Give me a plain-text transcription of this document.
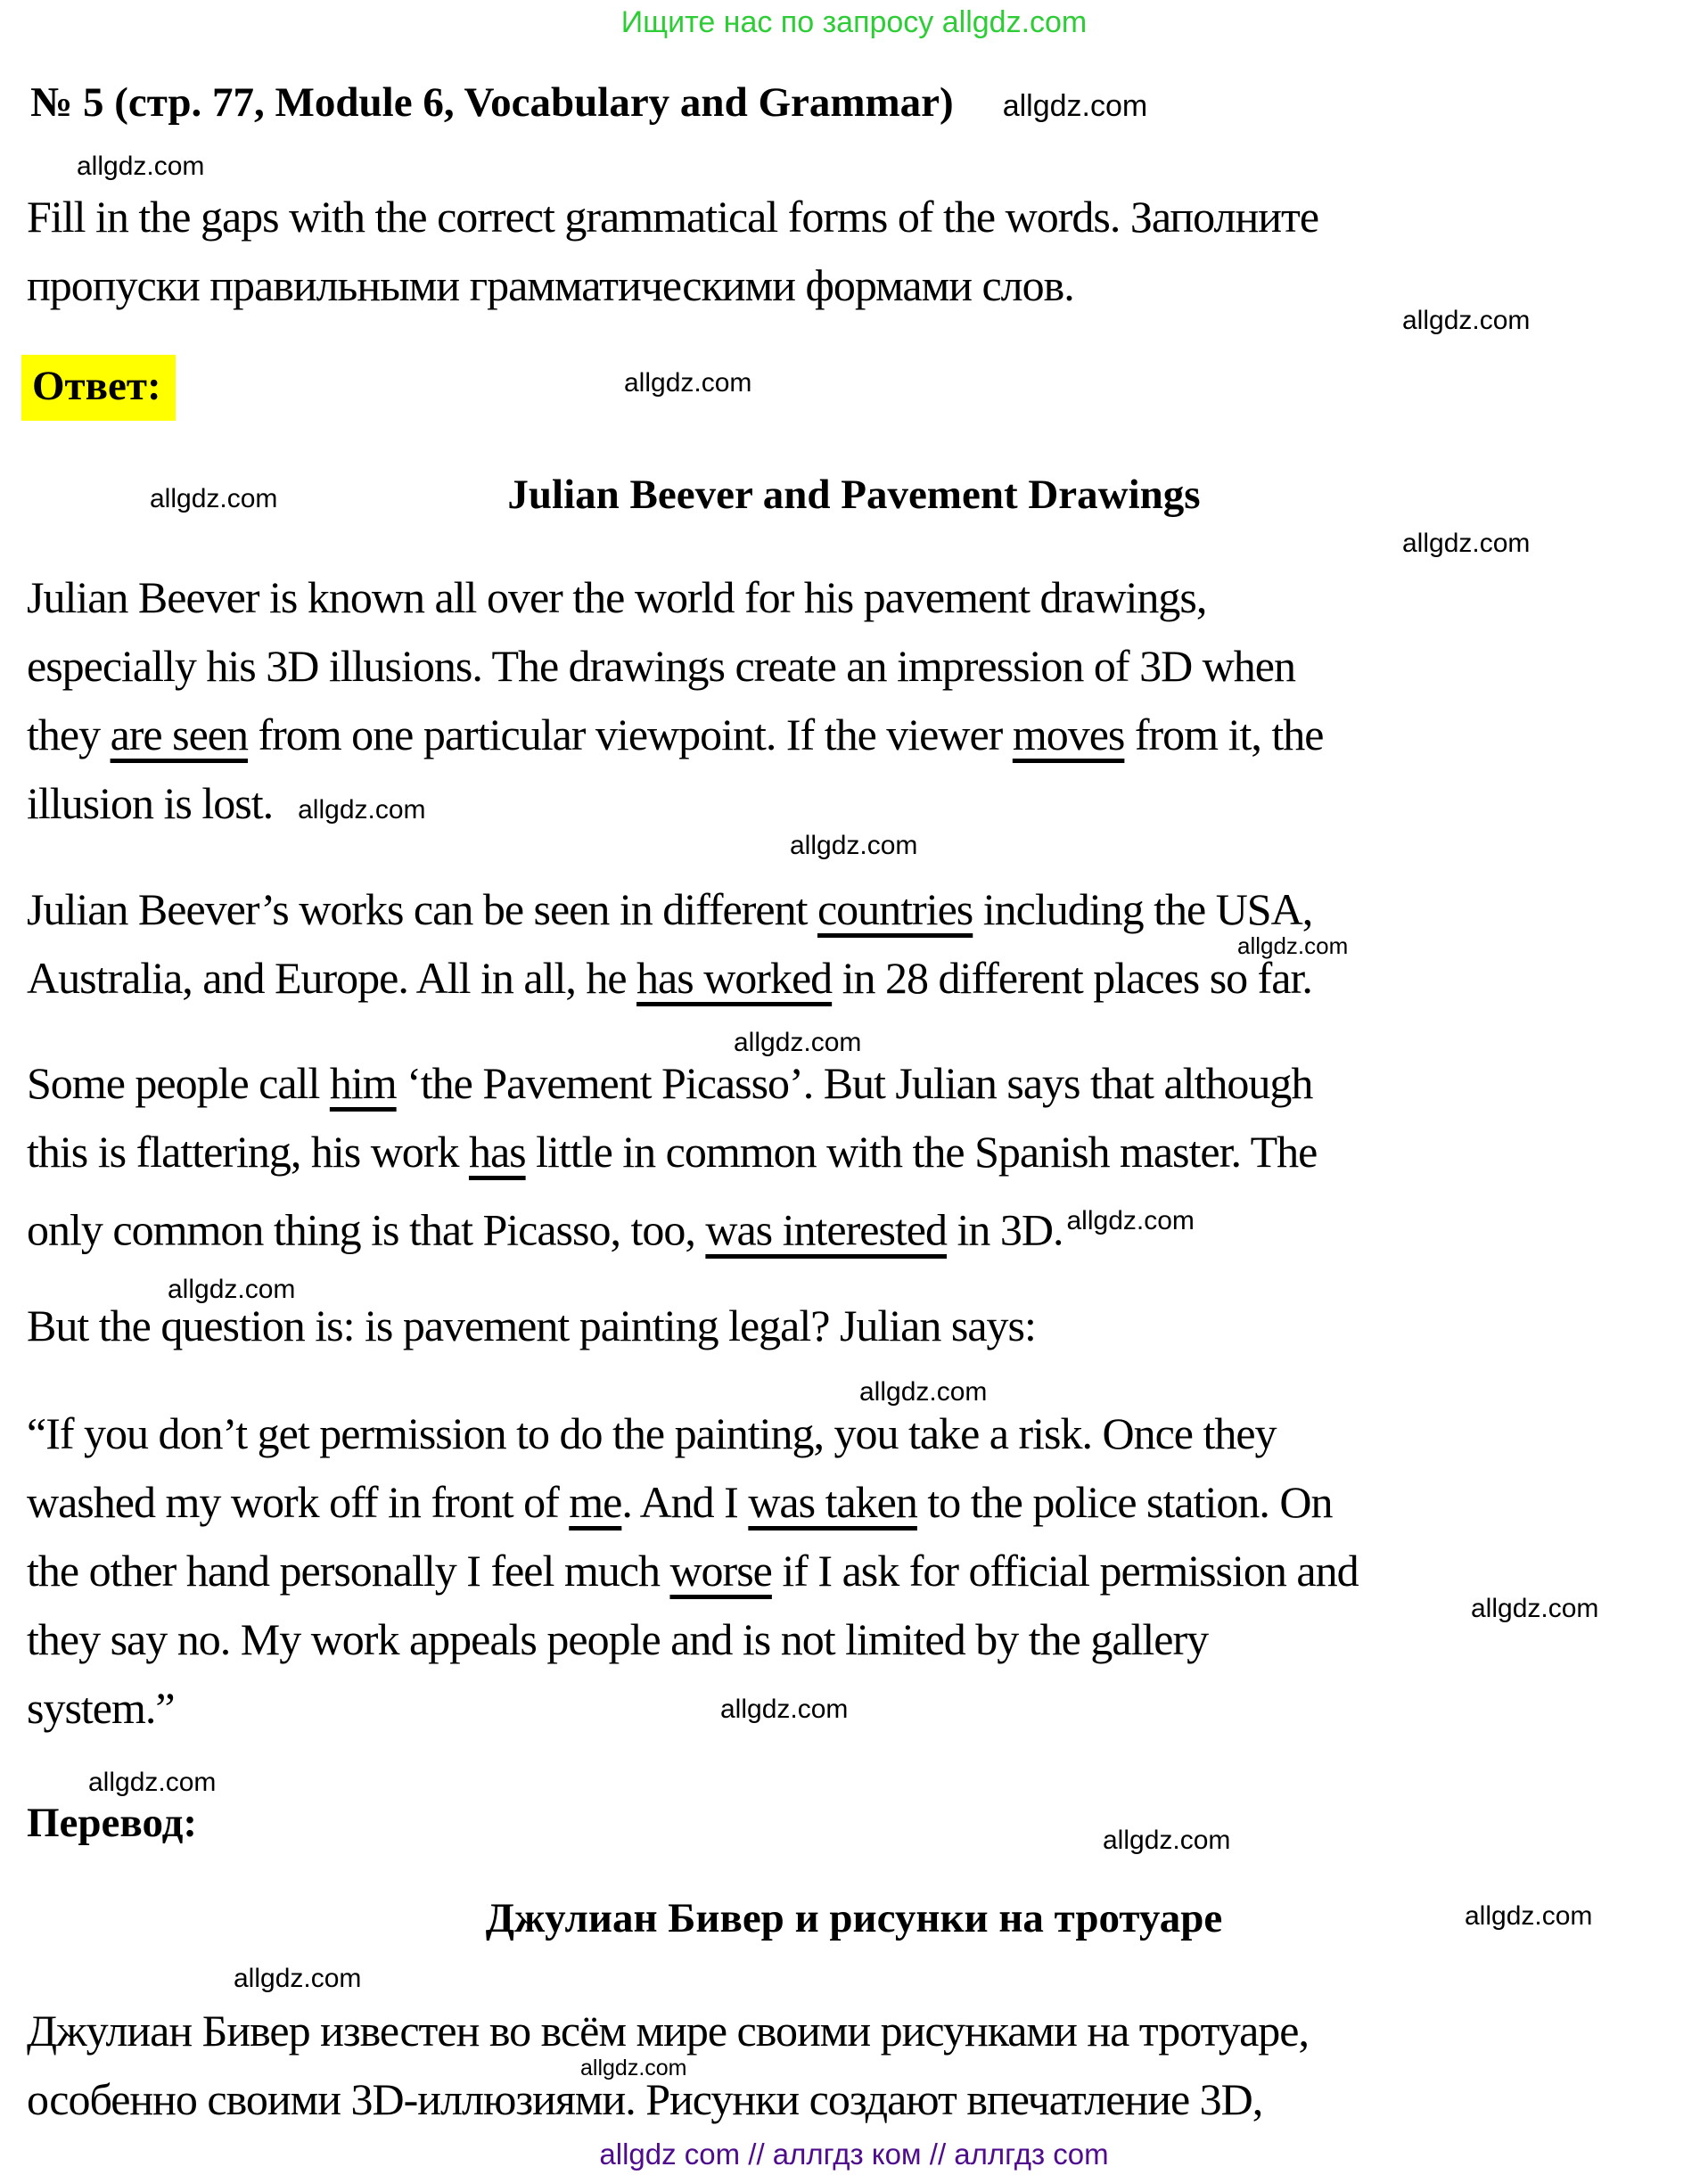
Ищите нас по запросу allgdz.com
№ 5 (стр. 77, Module 6, Vocabulary and Grammar) allgdz.com
allgdz.com
Fill in the gaps with the correct grammatical forms of the words. Заполните
пропуски правильными грамматическими формами слов.
allgdz.com
Ответ:	allgdz.com
allgdz.com	Julian Beever and Pavement Drawings
allgdz.com
Julian Beever is known all over the world for his pavement drawings,
especially his 3D illusions. The drawings create an impression of 3D when
they are seen from one particular viewpoint. If the viewer moves from it, the
illusion is lost. allgdz.com
allgdz.com
Julian Beever’s works can be seen in different countries including the USA,
Australia, and Europe. All in all, he has worked in 28 different places so far.
allgdz.com
allgdz.com
Some people call him ‘the Pavement Picasso’. But Julian says that although
this is flattering, his work has little in common with the Spanish master. The
only common thing is that Picasso, too, was interested in 3D. $^{allgdz.com}$
allgdz.com
But the question is: is pavement painting legal? Julian says:
allgdz.com
“If you don’t get permission to do the painting, you take a risk. Once they
washed my work off in front of me. And I was taken to the police station. On
the other hand personally I feel much worse if I ask for official permission and
they say no. My work appeals people and is not limited by the gallery
system.”
allgdz.com
allgdz.com
allgdz.com
Перевод:	allgdz.com
allgdz.com
Джулиан Бивер и рисунки на тротуаре
allgdz.com
Джулиан Бивер известен во всём мире своими рисунками на тротуаре,
особенно своими 3D-иллюзиями. Рисунки создают впечатление 3D,
allgdz.com
allgdz com // аллгдз ком // аллгдз com
